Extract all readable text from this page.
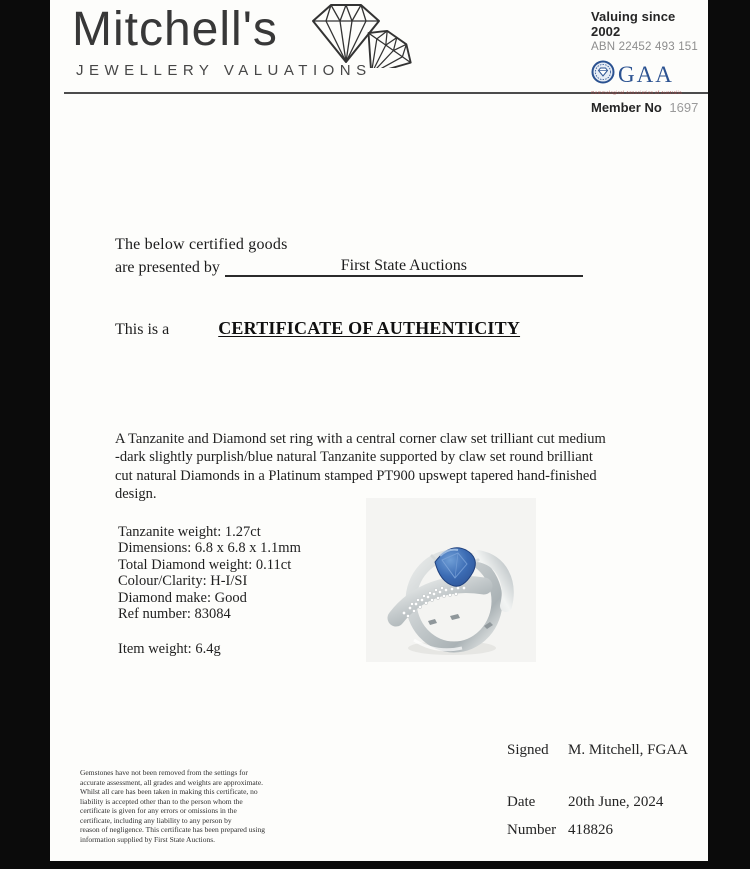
Mitchell's
JEWELLERY VALUATIONS
Valuing since 2002
ABN 22452 493 151
GAA
Gemmological Association of Australia
Member No 1697
The below certified goods
are presented by	First State Auctions
This is a	CERTIFICATE OF AUTHENTICITY
A Tanzanite and Diamond set ring with a central corner claw set trilliant cut medium
-dark slightly purplish/blue natural Tanzanite supported by claw set round brilliant
cut natural Diamonds in a Platinum stamped PT900 upswept tapered hand-finished
design.
Tanzanite weight: 1.27ct
Dimensions: 6.8 x 6.8 x 1.1mm
Total Diamond weight: 0.11ct
Colour/Clarity: H-I/SI
Diamond make: Good
Ref number: 83084
Item weight: 6.4g
Signed M. Mitchell, FGAA
Date 20th June, 2024
Number 418826
Gemstones have not been removed from the settings for
accurate assessment, all grades and weights are approximate.
Whilst all care has been taken in making this certificate, no
liability is accepted other than to the person whom the
certificate is given for any errors or omissions in the
certificate, including any liability to any person by
reason of negligence. This certificate has been prepared using
information supplied by First State Auctions.
